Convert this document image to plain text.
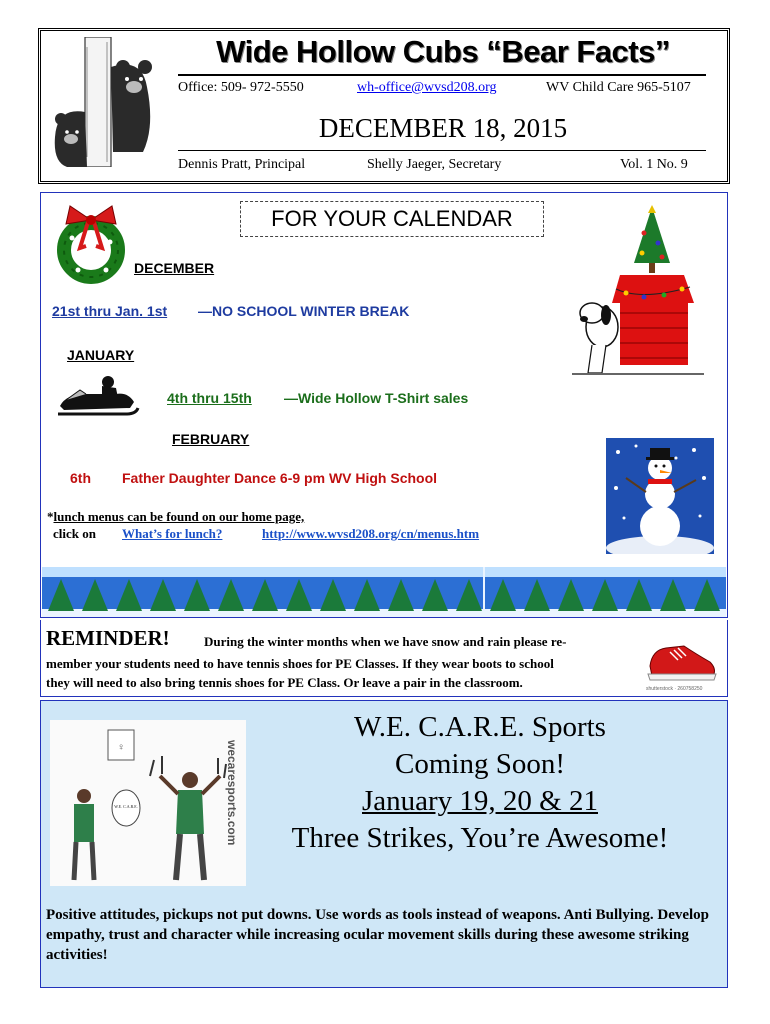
Wide Hollow Cubs “Bear Facts”
Office: 509- 972-5550	wh-office@wvsd208.org	WV Child Care 965-5107
DECEMBER 18, 2015
Dennis Pratt, Principal	Shelly Jaeger, Secretary	Vol. 1 No. 9
FOR YOUR CALENDAR
DECEMBER
21st thru Jan. 1st —NO SCHOOL WINTER BREAK
JANUARY
4th thru 15th —Wide Hollow T-Shirt sales
FEBRUARY
6th Father Daughter Dance 6-9 pm WV High School
*lunch menus can be found on our home page,
click on What’s for lunch?	http://www.wvsd208.org/cn/menus.htm
REMINDER!	During the winter months when we have snow and rain please re-
member your students need to have tennis shoes for PE Classes. If they wear boots to school
they will need to also bring tennis shoes for PE Class. Or leave a pair in the classroom.	shutterstock · 260758250
♀
W.E. C.A.R.E.	wecaresports.com
W.E. C.A.R.E. Sports
Coming Soon!
January 19, 20 & 21
Three Strikes, You’re Awesome!
Positive attitudes, pickups not put downs. Use words as tools instead of weapons. Anti Bullying. Develop empathy, trust and character while increasing ocular movement skills during these awesome striking activities!
